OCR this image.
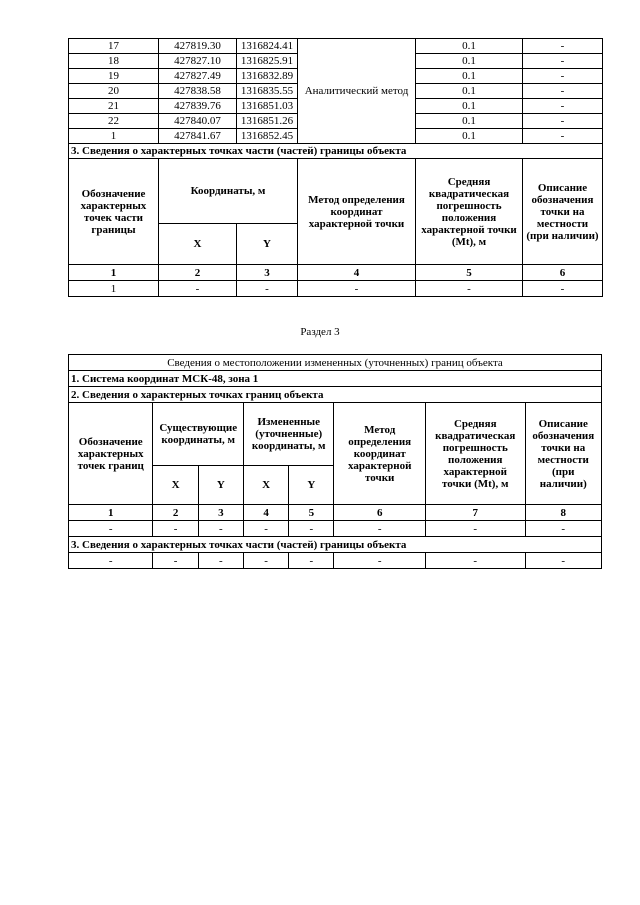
17	427819.30	1316824.41	Аналитический метод	0.1	-
18	427827.10	1316825.91		0.1	-
19	427827.49	1316832.89		0.1	-
20	427838.58	1316835.55		0.1	-
21	427839.76	1316851.03		0.1	-
22	427840.07	1316851.26		0.1	-
1	427841.67	1316852.45		0.1	-
3. Сведения о характерных точках части (частей) границы объекта					
Обозначение характерных точек части границы	Координаты, м		Метод определения координат характерной точки	Средняя квадратическая погрешность положения характерной точки (Mt), м	Описание обозначения точки на местности (при наличии)
	X	Y			
1	2	3	4	5	6
1	-	-	-	-	-
Раздел 3
Сведения о местоположении измененных (уточненных) границ объекта							
1. Система координат МСК-48, зона 1							
2. Сведения о характерных точках границ объекта							
Обозначение характерных точек границ	Существующие координаты, м		Измененные (уточненные) координаты, м		Метод определения координат характерной точки	Средняя квадратическая погрешность положения характерной точки (Mt), м	Описание обозначения точки на местности (при наличии)
	X	Y	X	Y			
1	2	3	4	5	6	7	8
-	-	-	-	-	-	-	-
3. Сведения о характерных точках части (частей) границы объекта							
-	-	-	-	-	-	-	-
